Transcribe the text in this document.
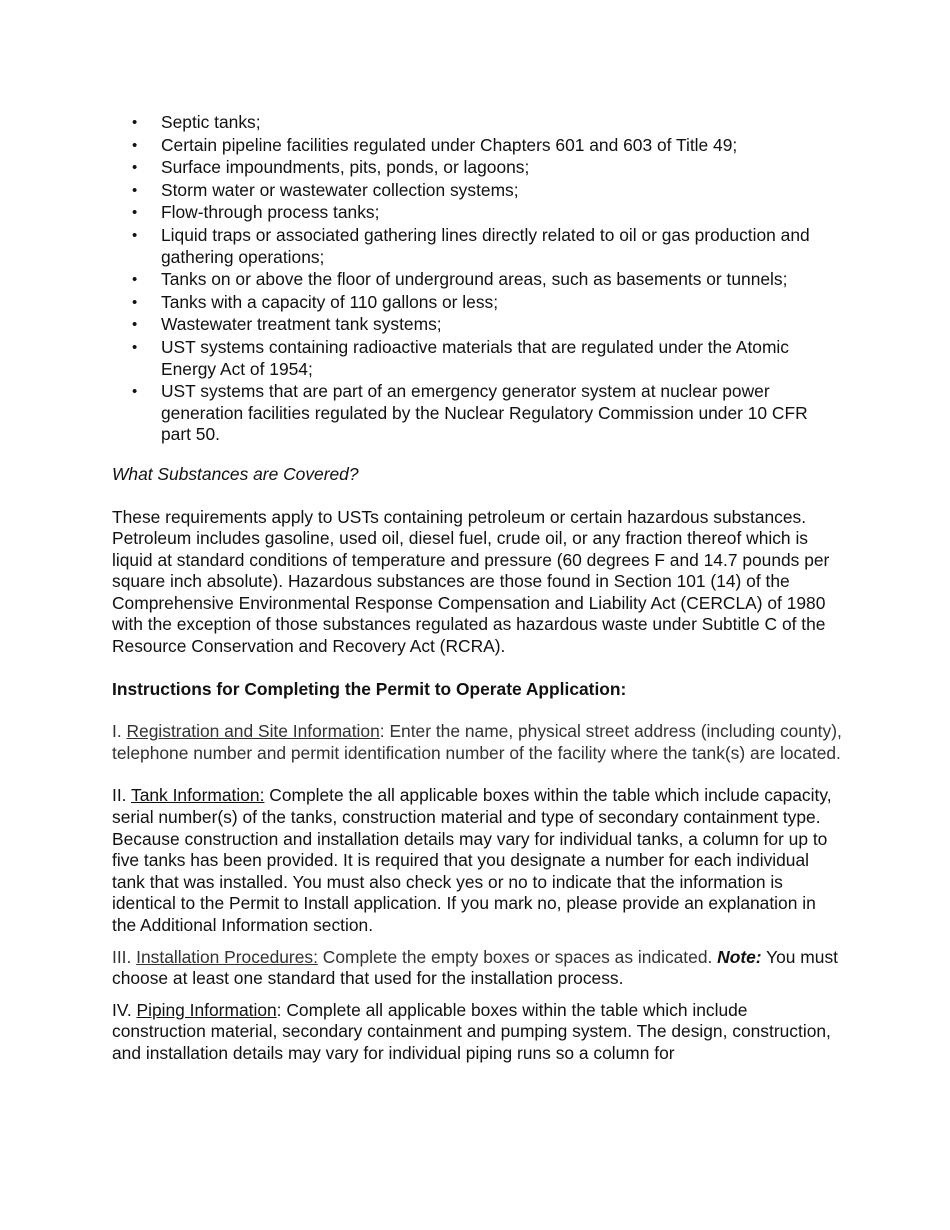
• Septic tanks;
• Certain pipeline facilities regulated under Chapters 601 and 603 of Title 49;
• Surface impoundments, pits, ponds, or lagoons;
• Storm water or wastewater collection systems;
• Flow-through process tanks;
• Liquid traps or associated gathering lines directly related to oil or gas production and gathering operations;
• Tanks on or above the floor of underground areas, such as basements or tunnels;
• Tanks with a capacity of 110 gallons or less;
• Wastewater treatment tank systems;
• UST systems containing radioactive materials that are regulated under the Atomic Energy Act of 1954;
• UST systems that are part of an emergency generator system at nuclear power generation facilities regulated by the Nuclear Regulatory Commission under 10 CFR part 50.
What Substances are Covered?
These requirements apply to USTs containing petroleum or certain hazardous substances. Petroleum includes gasoline, used oil, diesel fuel, crude oil, or any fraction thereof which is liquid at standard conditions of temperature and pressure (60 degrees F and 14.7 pounds per square inch absolute). Hazardous substances are those found in Section 101 (14) of the Comprehensive Environmental Response Compensation and Liability Act (CERCLA) of 1980 with the exception of those substances regulated as hazardous waste under Subtitle C of the Resource Conservation and Recovery Act (RCRA).
Instructions for Completing the Permit to Operate Application:
I. Registration and Site Information: Enter the name, physical street address (including county), telephone number and permit identification number of the facility where the tank(s) are located.
II. Tank Information: Complete the all applicable boxes within the table which include capacity, serial number(s) of the tanks, construction material and type of secondary containment type. Because construction and installation details may vary for individual tanks, a column for up to five tanks has been provided. It is required that you designate a number for each individual tank that was installed. You must also check yes or no to indicate that the information is identical to the Permit to Install application. If you mark no, please provide an explanation in the Additional Information section.
III. Installation Procedures: Complete the empty boxes or spaces as indicated. Note: You must choose at least one standard that used for the installation process.
IV. Piping Information: Complete all applicable boxes within the table which include construction material, secondary containment and pumping system. The design, construction, and installation details may vary for individual piping runs so a column for
